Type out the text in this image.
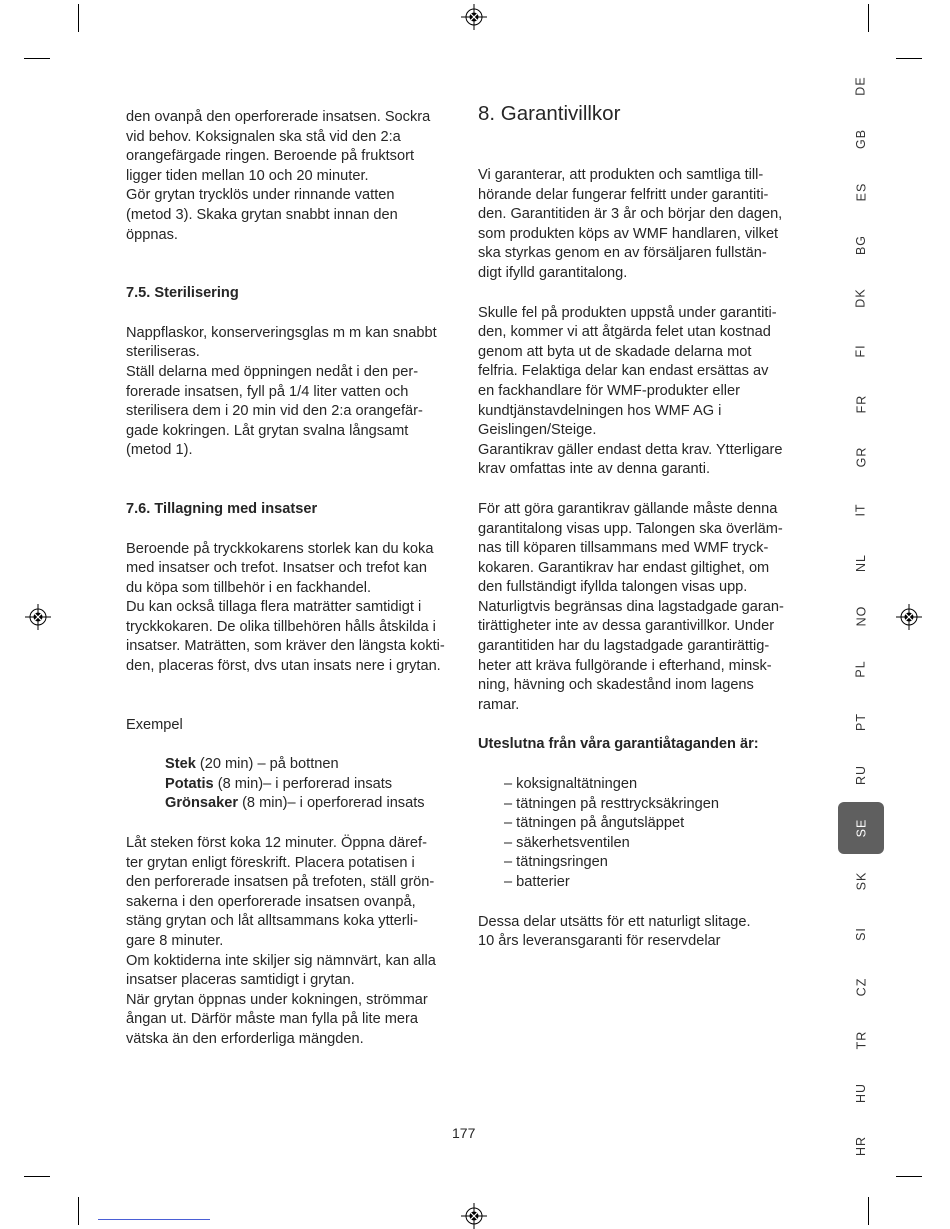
den ovanpå den operforerade insatsen. Sockra

vid behov. Koksignalen ska stå vid den 2:a

orangefärgade ringen. Beroende på fruktsort

ligger tiden mellan 10 och 20 minuter.

Gör grytan trycklös under rinnande vatten

(metod 3). Skaka grytan snabbt innan den

öppnas.

7.5. Sterilisering

Nappflaskor, konserveringsglas m m kan snabbt

steriliseras.

Ställ delarna med öppningen nedåt i den per-

forerade insatsen, fyll på 1/4 liter vatten och

sterilisera dem i 20 min vid den 2:a orangefär-

gade kokringen. Låt grytan svalna långsamt

(metod 1).

7.6. Tillagning med insatser

Beroende på tryckkokarens storlek kan du koka

med insatser och trefot. Insatser och trefot kan

du köpa som tillbehör i en fackhandel.

Du kan också tillaga flera maträtter samtidigt i

tryckkokaren. De olika tillbehören hålls åtskilda i

insatser. Maträtten, som kräver den längsta kokti-

den, placeras först, dvs utan insats nere i grytan.

Exempel

Stek (20 min) – på bottnen

Potatis (8 min)– i perforerad insats

Grönsaker (8 min)– i operforerad insats

Låt steken först koka 12 minuter. Öppna däref-

ter grytan enligt föreskrift. Placera potatisen i

den perforerade insatsen på trefoten, ställ grön-

sakerna i den operforerade insatsen ovanpå,

stäng grytan och låt alltsammans koka ytterli-

gare 8 minuter.

Om koktiderna inte skiljer sig nämnvärt, kan alla

insatser placeras samtidigt i grytan.

När grytan öppnas under kokningen, strömmar

ångan ut. Därför måste man fylla på lite mera

vätska än den erforderliga mängden.

8. Garantivillkor

Vi garanterar, att produkten och samtliga till-

hörande delar fungerar felfritt under garantiti-

den. Garantitiden är 3 år och börjar den dagen,

som produkten köps av WMF handlaren, vilket

ska styrkas genom en av försäljaren fullstän-

digt ifylld garantitalong.

Skulle fel på produkten uppstå under garantiti-

den, kommer vi att åtgärda felet utan kostnad

genom att byta ut de skadade delarna mot

felfria. Felaktiga delar kan endast ersättas av

en fackhandlare för WMF-produkter eller

kundtjänstavdelningen hos WMF AG i

Geislingen/Steige.

Garantikrav gäller endast detta krav. Ytterligare

krav omfattas inte av denna garanti.

För att göra garantikrav gällande måste denna

garantitalong visas upp. Talongen ska överläm-

nas till köparen tillsammans med WMF tryck-

kokaren. Garantikrav har endast giltighet, om

den fullständigt ifyllda talongen visas upp.

Naturligtvis begränsas dina lagstadgade garan-

tirättigheter inte av dessa garantivillkor. Under

garantitiden har du lagstadgade garantirättig-

heter att kräva fullgörande i efterhand, minsk-

ning, hävning och skadestånd inom lagens

ramar.

Uteslutna från våra garantiåtaganden är:

– koksignaltätningen
– tätningen på resttrycksäkringen
– tätningen på ångutsläppet
– säkerhetsventilen
– tätningsringen
– batterier

Dessa delar utsätts för ett naturligt slitage.

10 års leveransgaranti för reservdelar

DE
GB
ES
BG
DK
FI
FR
GR
IT
NL
NO
PL
PT
RU
SE
SK
SI
CZ
TR
HU
HR
177
